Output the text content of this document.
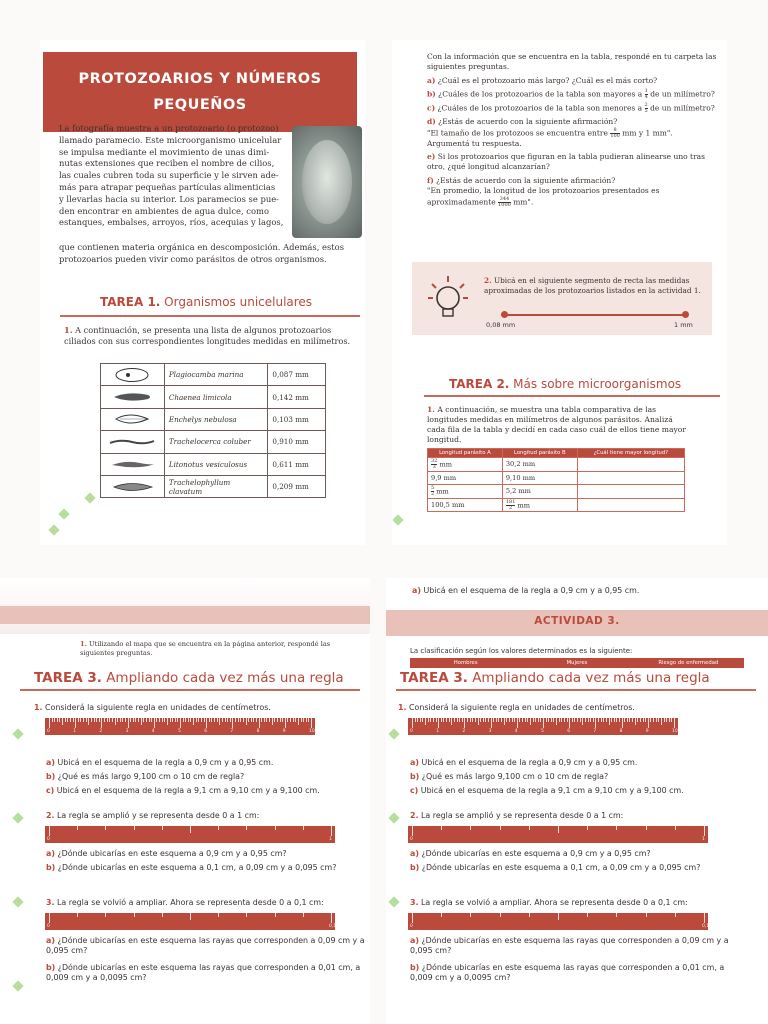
PROTOZOARIOS Y NÚMEROS
PEQUEÑOS
La fotografía muestra a un protozoario (o protozoo)
llamado paramecio. Este microorganismo unicelular
se impulsa mediante el movimiento de unas dimi-
nutas extensiones que reciben el nombre de cilios,
las cuales cubren toda su superficie y le sirven ade-
más para atrapar pequeñas partículas alimenticias
y llevarlas hacia su interior. Los paramecios se pue-
den encontrar en ambientes de agua dulce, como
estanques, embalses, arroyos, ríos, acequias y lagos,
que contienen materia orgánica en descomposición. Además, estos
protozoarios pueden vivir como parásitos de otros organismos.
TAREA 1. Organismos unicelulares
1. A continuación, se presenta una lista de algunos protozoarios ciliados con sus correspondientes longitudes medidas en milímetros.
	Plagiocamba marina	0,087 mm

	Chaenea limicola	0,142 mm

	Enchelys nebulosa	0,103 mm

	Trachelocerca coluber	0,910 mm

	Litonotus vesiculosus	0,611 mm

	Trachelophyllum clavatum	0,209 mm
Con la información que se encuentra en la tabla, respondé en tu carpeta las siguientes preguntas.
a) ¿Cuál es el protozoario más largo? ¿Cuál es el más corto?
b) ¿Cuáles de los protozoarios de la tabla son mayores a $\frac{1}{4}$ de un milímetro?
c) ¿Cuáles de los protozoarios de la tabla son menores a $\frac{2}{5}$ de un milímetro?
d) ¿Estás de acuerdo con la siguiente afirmación?
"El tamaño de los protozoos se encuentra entre $\frac{8}{100}$ mm y 1 mm".
Argumentá tu respuesta.
e) Si los protozoarios que figuran en la tabla pudieran alinearse uno tras otro, ¿qué longitud alcanzarían?
f) ¿Estás de acuerdo con la siguiente afirmación?
"En promedio, la longitud de los protozoarios presentados es aproximadamente $\frac{344}{1000}$ mm".
2. Ubicá en el siguiente segmento de recta las medidas aproximadas de los protozoarios listados en la actividad 1.
0,08 mm	1 mm
TAREA 2. Más sobre microorganismos
1. A continuación, se muestra una tabla comparativa de las longitudes medidas en milímetros de algunos parásitos. Analizá cada fila de la tabla y decidí en cada caso cuál de ellos tiene mayor longitud.
Longitud parásito A	Longitud parásito B	¿Cuál tiene mayor longitud?

$\frac{32}{3}$ mm	30,2 mm	
9,9 mm	9,10 mm	

$\frac{5}{2}$ mm	5,2 mm	
100,5 mm	$\frac{181}{2}$ mm	
1. Utilizando el mapa que se encuentra en la página anterior, respondé las siguientes preguntas.
TAREA 3. Ampliando cada vez más una regla
1. Considerá la siguiente regla en unidades de centímetros.
0	1	2	3	4	5	6	7	8	9	10
a) Ubicá en el esquema de la regla a 0,9 cm y a 0,95 cm.
b) ¿Qué es más largo 9,100 cm o 10 cm de regla?
c) Ubicá en el esquema de la regla a 9,1 cm a 9,10 cm y a 9,100 cm.
2. La regla se amplió y se representa desde 0 a 1 cm:
0	1
a) ¿Dónde ubicarías en este esquema a 0,9 cm y a 0,95 cm?
b) ¿Dónde ubicarías en este esquema a 0,1 cm, a 0,09 cm y a 0,095 cm?
3. La regla se volvió a ampliar. Ahora se representa desde 0 a 0,1 cm:
0	0,1
a) ¿Dónde ubicarías en este esquema las rayas que corresponden a 0,09 cm y a 0,095 cm?
b) ¿Dónde ubicarías en este esquema las rayas que corresponden a 0,01 cm, a 0,009 cm y a 0,0095 cm?
a) Ubicá en el esquema de la regla a 0,9 cm y a 0,95 cm.
ACTIVIDAD 3.
La clasificación según los valores determinados es la siguiente:
Hombres	Mujeres	Riesgo de enfermedad
TAREA 3. Ampliando cada vez más una regla
1. Considerá la siguiente regla en unidades de centímetros.
0	1	2	3	4	5	6	7	8	9	10
a) Ubicá en el esquema de la regla a 0,9 cm y a 0,95 cm.
b) ¿Qué es más largo 9,100 cm o 10 cm de regla?
c) Ubicá en el esquema de la regla a 9,1 cm a 9,10 cm y a 9,100 cm.
2. La regla se amplió y se representa desde 0 a 1 cm:
0	1
a) ¿Dónde ubicarías en este esquema a 0,9 cm y a 0,95 cm?
b) ¿Dónde ubicarías en este esquema a 0,1 cm, a 0,09 cm y a 0,095 cm?
3. La regla se volvió a ampliar. Ahora se representa desde 0 a 0,1 cm:
0	0,1
a) ¿Dónde ubicarías en este esquema las rayas que corresponden a 0,09 cm y a 0,095 cm?
b) ¿Dónde ubicarías en este esquema las rayas que corresponden a 0,01 cm, a 0,009 cm y a 0,0095 cm?
